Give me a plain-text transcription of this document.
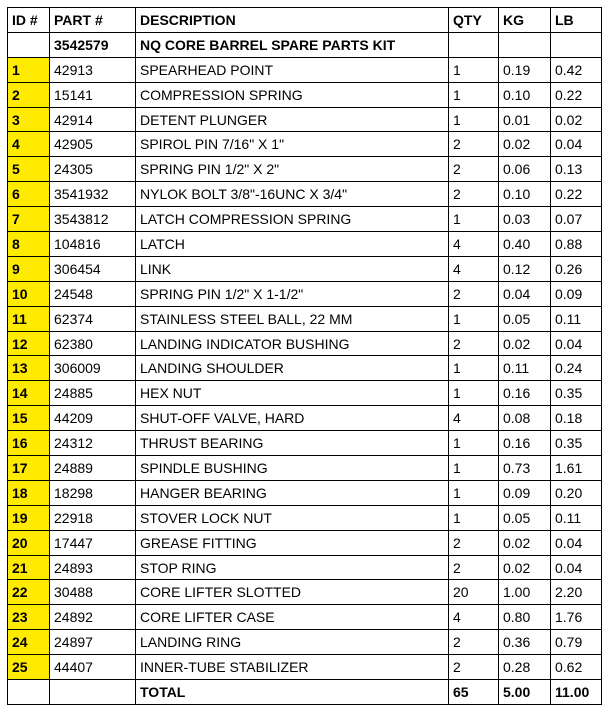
ID #	PART #	DESCRIPTION	QTY	KG	LB
	3542579	NQ CORE BARREL SPARE PARTS KIT			
1	42913	SPEARHEAD POINT	1	0.19	0.42
2	15141	COMPRESSION SPRING	1	0.10	0.22
3	42914	DETENT PLUNGER	1	0.01	0.02
4	42905	SPIROL PIN 7/16" X 1"	2	0.02	0.04
5	24305	SPRING PIN 1/2" X 2"	2	0.06	0.13
6	3541932	NYLOK BOLT 3/8"-16UNC X 3/4"	2	0.10	0.22
7	3543812	LATCH COMPRESSION SPRING	1	0.03	0.07
8	104816	LATCH	4	0.40	0.88
9	306454	LINK	4	0.12	0.26
10	24548	SPRING PIN 1/2" X 1-1/2"	2	0.04	0.09
11	62374	STAINLESS STEEL BALL, 22 MM	1	0.05	0.11
12	62380	LANDING INDICATOR BUSHING	2	0.02	0.04
13	306009	LANDING SHOULDER	1	0.11	0.24
14	24885	HEX NUT	1	0.16	0.35
15	44209	SHUT-OFF VALVE, HARD	4	0.08	0.18
16	24312	THRUST BEARING	1	0.16	0.35
17	24889	SPINDLE BUSHING	1	0.73	1.61
18	18298	HANGER BEARING	1	0.09	0.20
19	22918	STOVER LOCK NUT	1	0.05	0.11
20	17447	GREASE FITTING	2	0.02	0.04
21	24893	STOP RING	2	0.02	0.04
22	30488	CORE LIFTER SLOTTED	20	1.00	2.20
23	24892	CORE LIFTER CASE	4	0.80	1.76
24	24897	LANDING RING	2	0.36	0.79
25	44407	INNER-TUBE STABILIZER	2	0.28	0.62
		TOTAL	65	5.00	11.00
